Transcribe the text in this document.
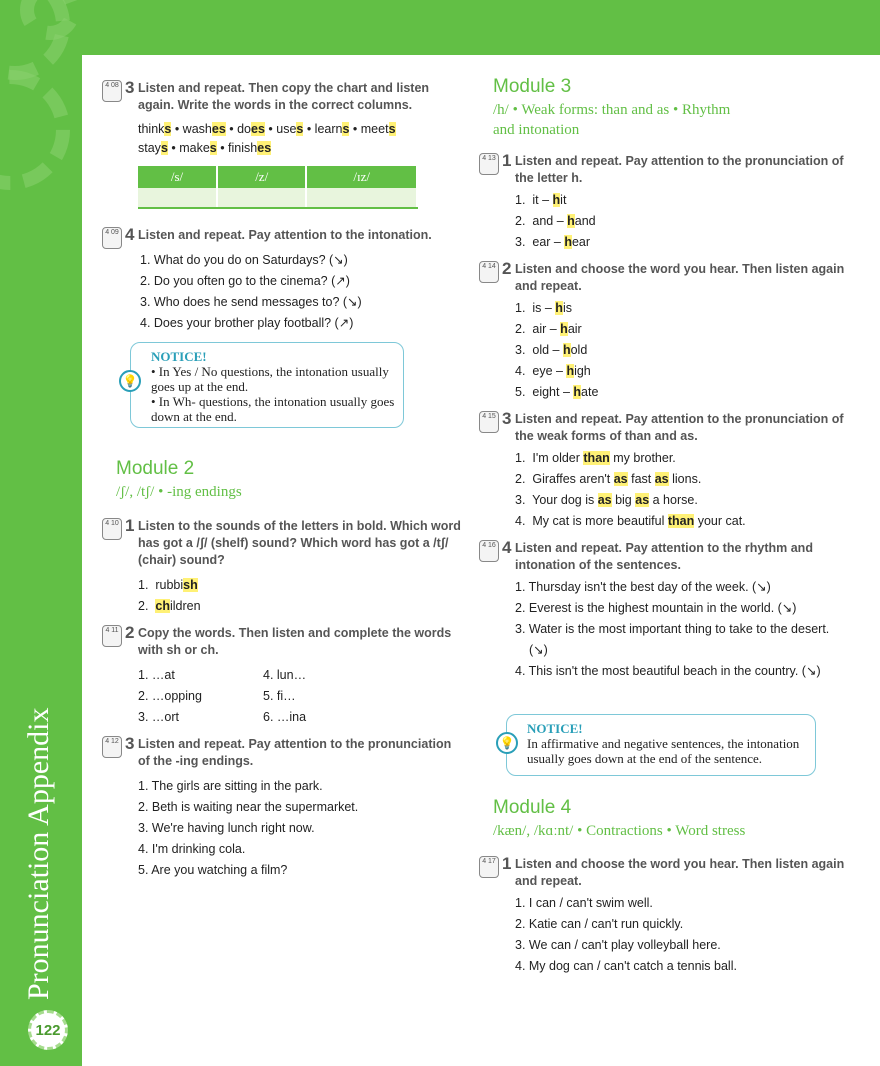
Pronunciation Appendix
122
4 08 3 Listen and repeat. Then copy the chart and listen again. Write the words in the correct columns.
thinks • washes • does • uses • learns • meets
stays • makes • finishes
/s/	/z/	/ɪz/

4 09 4 Listen and repeat. Pay attention to the intonation.
1. What do you do on Saturdays? (↘)
2. Do you often go to the cinema? (↗)
3. Who does he send messages to? (↘)
4. Does your brother play football? (↗)
NOTICE!
• In Yes / No questions, the intonation usually goes up at the end.
• In Wh- questions, the intonation usually goes down at the end.
💡
Module 2
/ʃ/, /tʃ/ • -ing endings
4 10 1 Listen to the sounds of the letters in bold. Which word has got a /ʃ/ (shelf) sound? Which word has got a /tʃ/ (chair) sound?
1.  rubbish
2.  children
4 11 2 Copy the words. Then listen and complete the words with sh or ch.
1. …at	4. lun…
2. …opping	5. fi…
3. …ort	6. …ina
4 12 3 Listen and repeat. Pay attention to the pronunciation of the -ing endings.
1. The girls are sitting in the park.
2. Beth is waiting near the supermarket.
3. We're having lunch right now.
4. I'm drinking cola.
5. Are you watching a film?
Module 3
/h/ • Weak forms: than and as • Rhythm and intonation
4 13 1 Listen and repeat. Pay attention to the pronunciation of the letter h.
1.  it – hit
2.  and – hand
3.  ear – hear
4 14 2 Listen and choose the word you hear. Then listen again and repeat.
1.  is – his
2.  air – hair
3.  old – hold
4.  eye – high
5.  eight – hate
4 15 3 Listen and repeat. Pay attention to the pronunciation of the weak forms of than and as.
1.  I'm older than my brother.
2.  Giraffes aren't as fast as lions.
3.  Your dog is as big as a horse.
4.  My cat is more beautiful than your cat.
4 16 4 Listen and repeat. Pay attention to the rhythm and intonation of the sentences.
1. Thursday isn't the best day of the week. (↘)
2. Everest is the highest mountain in the world. (↘)
3. Water is the most important thing to take to the desert. (↘)
4. This isn't the most beautiful beach in the country. (↘)
NOTICE!
In affirmative and negative sentences, the intonation usually goes down at the end of the sentence.
💡
Module 4
/kæn/, /kɑːnt/ • Contractions • Word stress
4 17 1 Listen and choose the word you hear. Then listen again and repeat.
1. I can / can't swim well.
2. Katie can / can't run quickly.
3. We can / can't play volleyball here.
4. My dog can / can't catch a tennis ball.
